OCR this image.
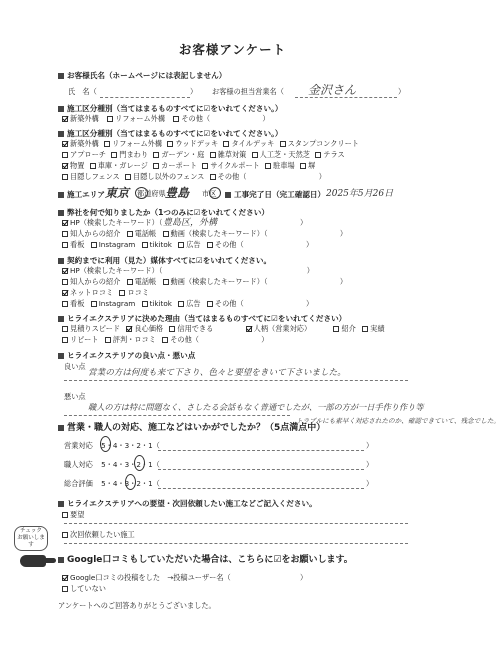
お客様アンケート
お客様氏名（ホームページには表記しません）
氏　名（	） お客様の担当営業名（ 金沢さん	）
施工区分種別（当てはまるものすべてに☑をいれてください。）
新築外構 リフォーム外構 その他（	）
施工区分種別（当てはまるものすべてに☑をいれてください。）
新築外構 リフォーム外構 ウッドデッキ タイルデッキ スタンプコンクリート
アプローチ 門まわり ガーデン・庭 雑草対策 人工芝・天然芝 テラス
物置 車庫・ガレージ カーポート サイクルポート 駐車場 塀
目隠しフェンス 目隠し以外のフェンス その他（	）
施工エリア 東京 都道府県 豊島 市区	工事完了日（完工確認日） 2025年5月26日
弊社を何で知りましたか（1つのみに☑をいれてください）
HP（検索したキーワード）（ 豊島区，外構	）
知人からの紹介 電話帳 動画（検索したキーワード）（	）
看板 Instagram tikitok 広告 その他（	）
契約までに利用（見た）媒体すべてに☑をいれてください。
HP（検索したキーワード）（	）
知人からの紹介 電話帳 動画（検索したキーワード）（	）
ネットロコミ ロコミ
看板 Instagram tikitok 広告 その他（	）
ヒライエクステリアに決めた理由（当てはまるものすべてに☑をいれてください）
見積りスピード 良心価格 信用できる	人柄（営業対応）	紹介 実績
リピート 評判・ロコミ その他（	）
ヒライエクステリアの良い点・悪い点
良い点
営業の方は何度も来て下さり、色々と要望をきいて下さいました。
悪い点
職人の方は特に問題なく、さしたる会話もなく普通でしたが、一部の方が一日手作り作り等
トラブルにも素早く対応されたのか、確認できていて、残念でした。
営業・職人の対応、施工などはいかがでしたか？（5点満点中）
営業対応 5・4・3・2・1（	）
職人対応 5・4・3・2・1（	）
総合評価 5・4・3・2・1（	）
ヒライエクステリアへの要望・次回依頼したい施工などご記入ください。
要望
次回依頼したい施工
チェック お願いします
Google口コミもしていただいた場合は、こちらに☑をお願いします。
Google口コミの投稿をした　→投稿ユーザー名（	）
していない
アンケートへのご回答ありがとうございました。
